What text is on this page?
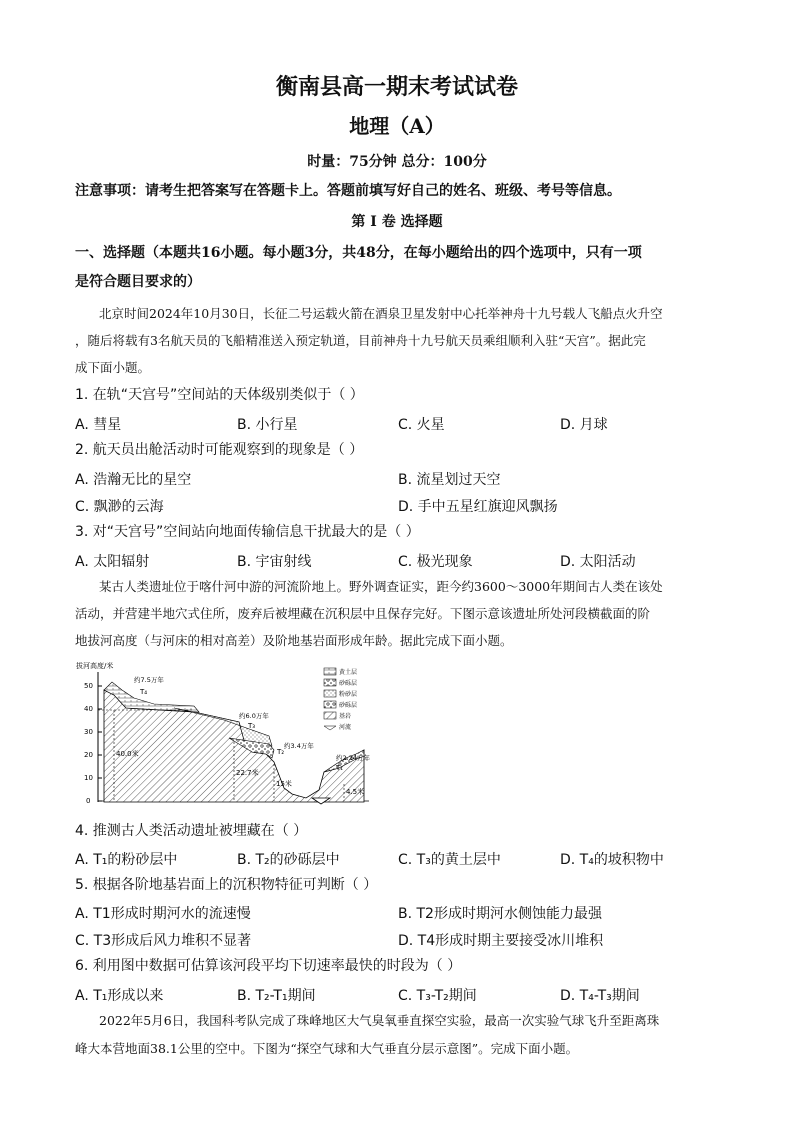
衡南县高一期末考试试卷
地理（A）
时量：75分钟 总分：100分
注意事项：请考生把答案写在答题卡上。答题前填写好自己的姓名、班级、考号等信息。
第 I 卷 选择题
一、选择题（本题共16小题。每小题3分，共48分，在每小题给出的四个选项中，只有一项
是符合题目要求的）
北京时间2024年10月30日，长征二号运载火箭在酒泉卫星发射中心托举神舟十九号载人飞船点火升空
，随后将载有3名航天员的飞船精准送入预定轨道，目前神舟十九号航天员乘组顺利入驻“天宫”。据此完
成下面小题。
1. 在轨“天宫号”空间站的天体级别类似于（ ）
A. 彗星	B. 小行星	C. 火星	D. 月球
2. 航天员出舱活动时可能观察到的现象是（ ）
A. 浩瀚无比的星空	B. 流星划过天空
C. 飘渺的云海	D. 手中五星红旗迎风飘扬
3. 对“天宫号”空间站向地面传输信息干扰最大的是（ ）
A. 太阳辐射	B. 宇宙射线	C. 极光现象	D. 太阳活动
某古人类遗址位于喀什河中游的河流阶地上。野外调查证实，距今约3600～3000年期间古人类在该处
活动，并营建半地穴式住所，废弃后被埋藏在沉积层中且保存完好。下图示意该遗址所处河段横截面的阶
地拔河高度（与河床的相对高差）及阶地基岩面形成年龄。据此完成下面小题。
拔河高度/米
0
10
20
30
40
50
40.0米
22.7米
15米
4.5米
约7.5万年
T₄
约6.0万年
T₃
约3.4万年
T₂
约2.24万年
T₁
黄土层
砂砾层
粉砂层
砂砾层
基岩
河流
4. 推测古人类活动遗址被埋藏在（ ）
A. T₁的粉砂层中	B. T₂的砂砾层中	C. T₃的黄土层中	D. T₄的坡积物中
5. 根据各阶地基岩面上的沉积物特征可判断（ ）
A. T1形成时期河水的流速慢	B. T2形成时期河水侧蚀能力最强
C. T3形成后风力堆积不显著	D. T4形成时期主要接受冰川堆积
6. 利用图中数据可估算该河段平均下切速率最快的时段为（ ）
A. T₁形成以来	B. T₂-T₁期间	C. T₃-T₂期间	D. T₄-T₃期间
2022年5月6日，我国科考队完成了珠峰地区大气臭氧垂直探空实验，最高一次实验气球飞升至距离珠
峰大本营地面38.1公里的空中。下图为“探空气球和大气垂直分层示意图”。完成下面小题。
